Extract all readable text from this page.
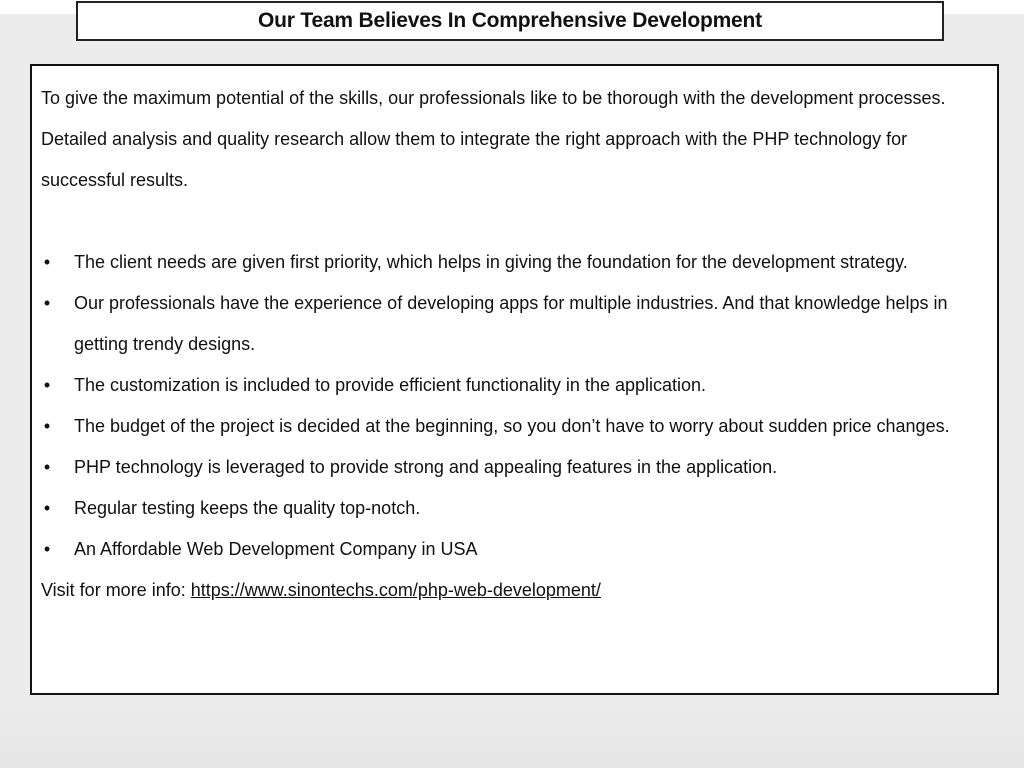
Our Team Believes In Comprehensive Development

To give the maximum potential of the skills, our professionals like to be thorough with the development processes. Detailed analysis and quality research allow them to integrate the right approach with the PHP technology for successful results.

• The client needs are given first priority, which helps in giving the foundation for the development strategy.
• Our professionals have the experience of developing apps for multiple industries. And that knowledge helps in getting trendy designs.
• The customization is included to provide efficient functionality in the application.
• The budget of the project is decided at the beginning, so you don’t have to worry about sudden price changes.
• PHP technology is leveraged to provide strong and appealing features in the application.
• Regular testing keeps the quality top-notch.
• An Affordable Web Development Company in USA

Visit for more info: https://www.sinontechs.com/php-web-development/
